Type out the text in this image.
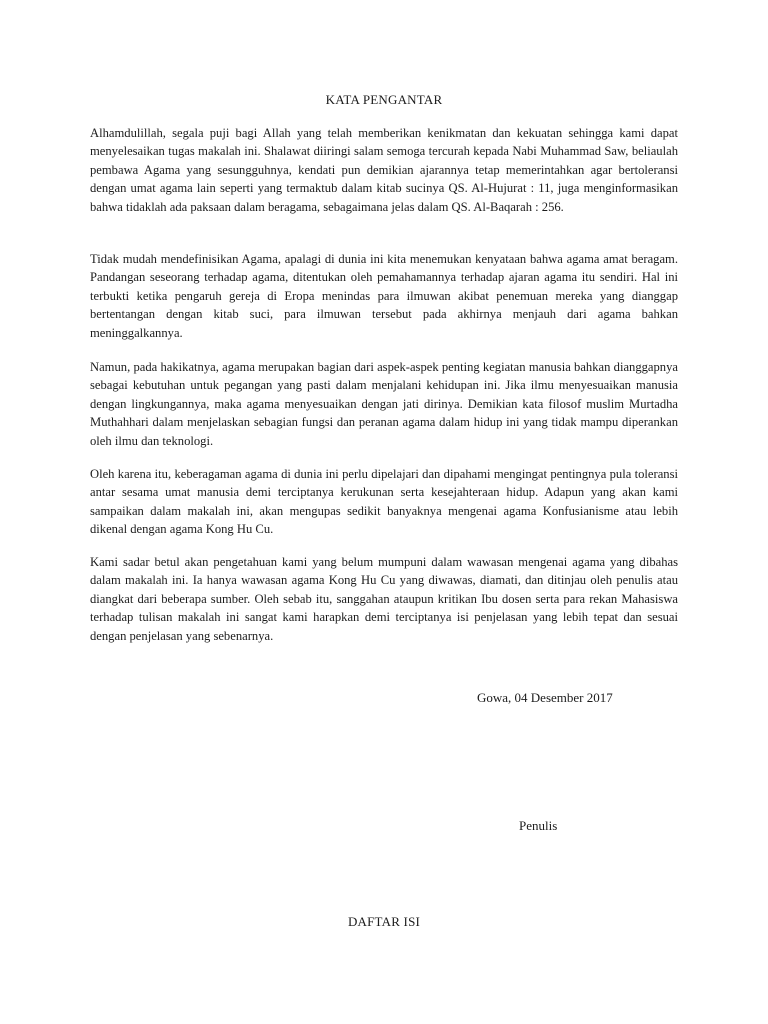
KATA PENGANTAR

Alhamdulillah, segala puji bagi Allah yang telah memberikan kenikmatan dan kekuatan sehingga kami dapat menyelesaikan tugas makalah ini. Shalawat diiringi salam semoga tercurah kepada Nabi Muhammad Saw, beliaulah pembawa Agama yang sesungguhnya, kendati pun demikian ajarannya tetap memerintahkan agar bertoleransi dengan umat agama lain seperti yang termaktub dalam kitab sucinya QS. Al-Hujurat : 11, juga menginformasikan bahwa tidaklah ada paksaan dalam beragama, sebagaimana jelas dalam QS. Al-Baqarah : 256.

Tidak mudah mendefinisikan Agama, apalagi di dunia ini kita menemukan kenyataan bahwa agama amat beragam. Pandangan seseorang terhadap agama, ditentukan oleh pemahamannya terhadap ajaran agama itu sendiri. Hal ini terbukti ketika pengaruh gereja di Eropa menindas para ilmuwan akibat penemuan mereka yang dianggap bertentangan dengan kitab suci, para ilmuwan tersebut pada akhirnya menjauh dari agama bahkan meninggalkannya.

Namun, pada hakikatnya, agama merupakan bagian dari aspek-aspek penting kegiatan manusia bahkan dianggapnya sebagai kebutuhan untuk pegangan yang pasti dalam menjalani kehidupan ini. Jika ilmu menyesuaikan manusia dengan lingkungannya, maka agama menyesuaikan dengan jati dirinya. Demikian kata filosof muslim Murtadha Muthahhari dalam menjelaskan sebagian fungsi dan peranan agama dalam hidup ini yang tidak mampu diperankan oleh ilmu dan teknologi.

Oleh karena itu, keberagaman agama di dunia ini perlu dipelajari dan dipahami mengingat pentingnya pula toleransi antar sesama umat manusia demi terciptanya kerukunan serta kesejahteraan hidup. Adapun yang akan kami sampaikan dalam makalah ini, akan mengupas sedikit banyaknya mengenai agama Konfusianisme atau lebih dikenal dengan agama Kong Hu Cu.

Kami sadar betul akan pengetahuan kami yang belum mumpuni dalam wawasan mengenai agama yang dibahas dalam makalah ini. Ia hanya wawasan agama Kong Hu Cu yang diwawas, diamati, dan ditinjau oleh penulis atau diangkat dari beberapa sumber. Oleh sebab itu, sanggahan ataupun kritikan Ibu dosen serta para rekan Mahasiswa terhadap tulisan makalah ini sangat kami harapkan demi terciptanya isi penjelasan yang lebih tepat dan sesuai dengan penjelasan yang sebenarnya.

Gowa, 04 Desember 2017
Penulis
DAFTAR ISI
